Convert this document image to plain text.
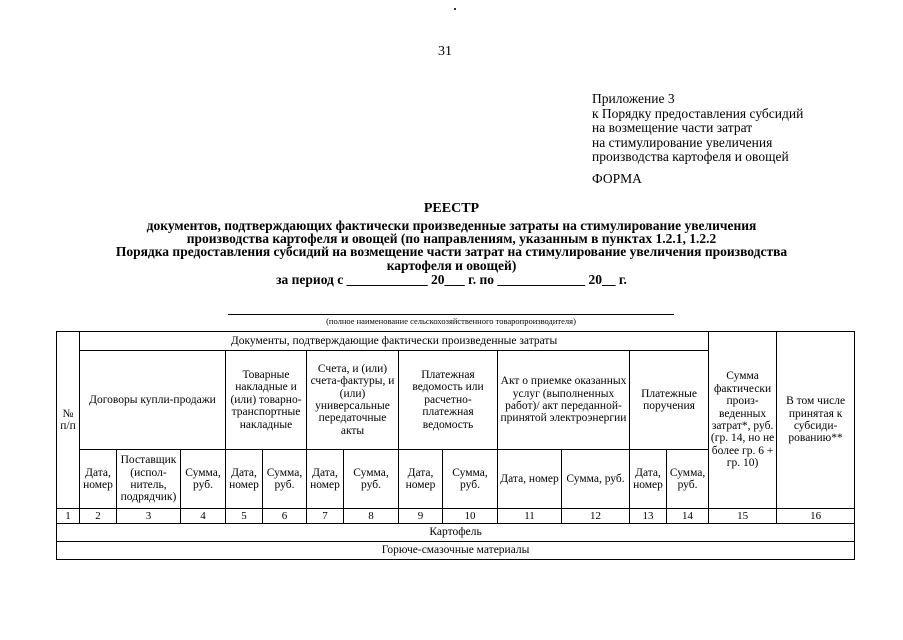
31
Приложение 3
к Порядку предоставления субсидий
на возмещение части затрат
на стимулирование увеличения
производства картофеля и овощей
ФОРМА
РЕЕСТР
документов, подтверждающих фактически произведенные затраты на стимулирование увеличения
производства картофеля и овощей (по направлениям, указанным в пунктах 1.2.1, 1.2.2
Порядка предоставления субсидий на возмещение части затрат на стимулирование увеличения производства
картофеля и овощей)
за период с ____________ 20___ г. по _____________ 20__ г.
(полное наименование сельскохозяйственного товаропроизводителя)
№ п/п	Документы, подтверждающие фактически произведенные затраты													Сумма фактически произ-веденных затрат*, руб. (гр. 14, но не более гр. 6 + гр. 10)	В том числе принятая к субсиди-рованию**
	Договоры купли-продажи			Товарные накладные и (или) товарно-транспортные накладные		Счета, и (или) счета-фактуры, и (или) универсальные передаточные акты		Платежная ведомость или расчетно-платежная ведомость		Акт о приемке оказанных услуг (выполненных работ)/ акт переданной-принятой электроэнергии		Платежные поручения			
	Дата, номер	Поставщик (испол-нитель, подрядчик)	Сумма, руб.	Дата, номер	Сумма, руб.	Дата, номер	Сумма, руб.	Дата, номер	Сумма, руб.	Дата, номер	Сумма, руб.	Дата, номер	Сумма, руб.		
1	2	3	4	5	6	7	8	9	10	11	12	13	14	15	16
Картофель															
Горюче-смазочные материалы															
